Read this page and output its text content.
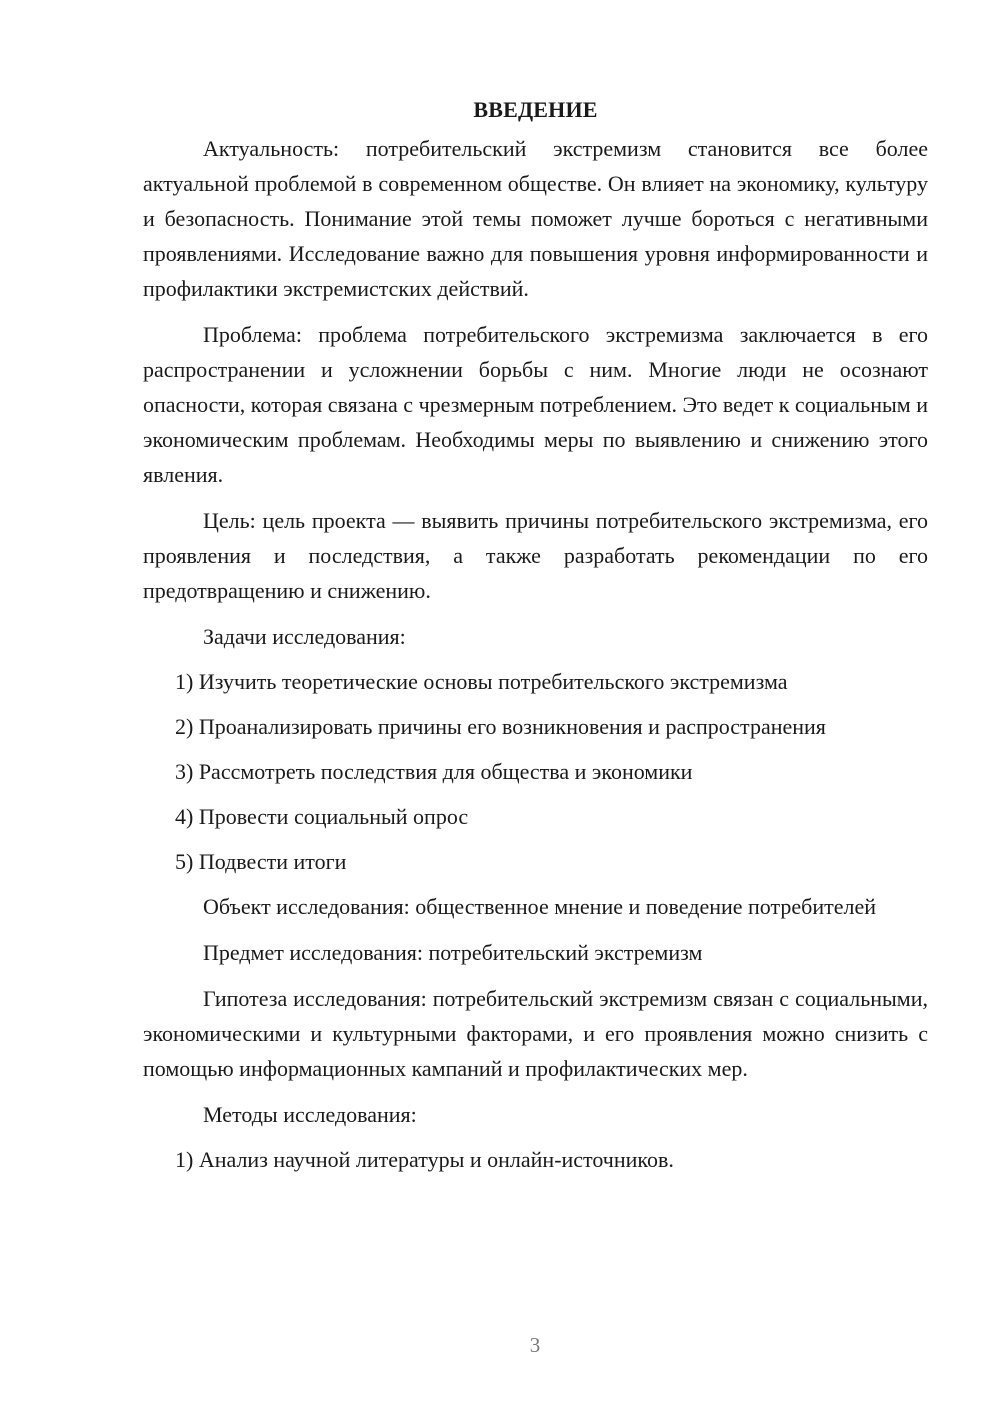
ВВЕДЕНИЕ

Актуальность: потребительский экстремизм становится все более актуальной проблемой в современном обществе. Он влияет на экономику, культуру и безопасность. Понимание этой темы поможет лучше бороться с негативными проявлениями. Исследование важно для повышения уровня информированности и профилактики экстремистских действий.

Проблема: проблема потребительского экстремизма заключается в его распространении и усложнении борьбы с ним. Многие люди не осознают опасности, которая связана с чрезмерным потреблением. Это ведет к социальным и экономическим проблемам. Необходимы меры по выявлению и снижению этого явления.

Цель: цель проекта — выявить причины потребительского экстремизма, его проявления и последствия, а также разработать рекомендации по его предотвращению и снижению.

Задачи исследования:
1) Изучить теоретические основы потребительского экстремизма
2) Проанализировать причины его возникновения и распространения
3) Рассмотреть последствия для общества и экономики
4) Провести социальный опрос
5) Подвести итоги

Объект исследования: общественное мнение и поведение потребителей

Предмет исследования: потребительский экстремизм

Гипотеза исследования: потребительский экстремизм связан с социальными, экономическими и культурными факторами, и его проявления можно снизить с помощью информационных кампаний и профилактических мер.

Методы исследования:
1) Анализ научной литературы и онлайн-источников.
3
